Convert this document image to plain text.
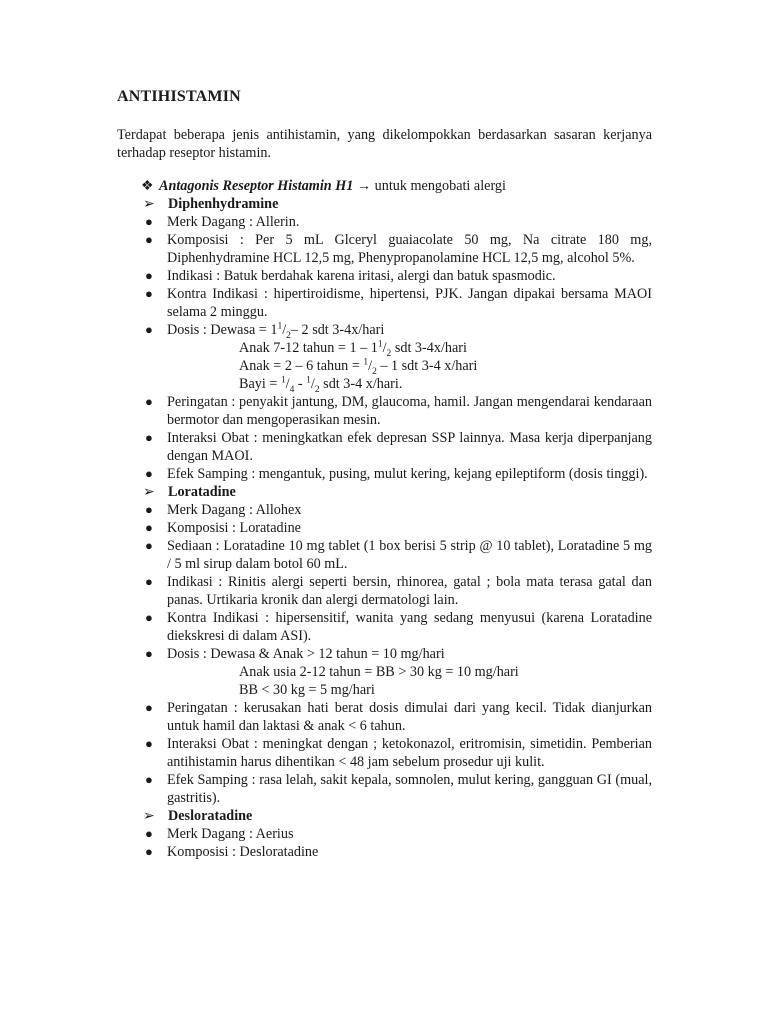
ANTIHISTAMIN

Terdapat beberapa jenis antihistamin, yang dikelompokkan berdasarkan sasaran kerjanya terhadap reseptor histamin.

❖ Antagonis Reseptor Histamin H1 → untuk mengobati alergi
➢ Diphenhydramine
● Merk Dagang : Allerin.
● Komposisi : Per 5 mL Glceryl guaiacolate 50 mg, Na citrate 180 mg, Diphenhydramine HCL 12,5 mg, Phenypropanolamine HCL 12,5 mg, alcohol 5%.
● Indikasi : Batuk berdahak karena iritasi, alergi dan batuk spasmodic.
● Kontra Indikasi : hipertiroidisme, hipertensi, PJK. Jangan dipakai bersama MAOI selama 2 minggu.
● Dosis : Dewasa = $1^1/_2-$ 2 sdt 3-4x/hari
Anak 7-12 tahun = $1 - 1^1/_2$ sdt 3-4x/hari
Anak = 2 – 6 tahun = $^1/_2 - 1$ sdt 3-4 x/hari
Bayi = $^1/_4 - ^1/_2$ sdt 3-4 x/hari.
● Peringatan : penyakit jantung, DM, glaucoma, hamil. Jangan mengendarai kendaraan bermotor dan mengoperasikan mesin.
● Interaksi Obat : meningkatkan efek depresan SSP lainnya. Masa kerja diperpanjang dengan MAOI.
● Efek Samping : mengantuk, pusing, mulut kering, kejang epileptiform (dosis tinggi).
➢ Loratadine
● Merk Dagang : Allohex
● Komposisi : Loratadine
● Sediaan : Loratadine 10 mg tablet (1 box berisi 5 strip @ 10 tablet), Loratadine 5 mg / 5 ml sirup dalam botol 60 mL.
● Indikasi : Rinitis alergi seperti bersin, rhinorea, gatal ; bola mata terasa gatal dan panas. Urtikaria kronik dan alergi dermatologi lain.
● Kontra Indikasi : hipersensitif, wanita yang sedang menyusui (karena Loratadine diekskresi di dalam ASI).
● Dosis : Dewasa & Anak > 12 tahun = 10 mg/hari
Anak usia 2-12 tahun = BB > 30 kg = 10 mg/hari
BB < 30 kg = 5 mg/hari
● Peringatan : kerusakan hati berat dosis dimulai dari yang kecil. Tidak dianjurkan untuk hamil dan laktasi & anak < 6 tahun.
● Interaksi Obat : meningkat dengan ; ketokonazol, eritromisin, simetidin. Pemberian antihistamin harus dihentikan < 48 jam sebelum prosedur uji kulit.
● Efek Samping : rasa lelah, sakit kepala, somnolen, mulut kering, gangguan GI (mual, gastritis).
➢ Desloratadine
● Merk Dagang : Aerius
● Komposisi : Desloratadine
